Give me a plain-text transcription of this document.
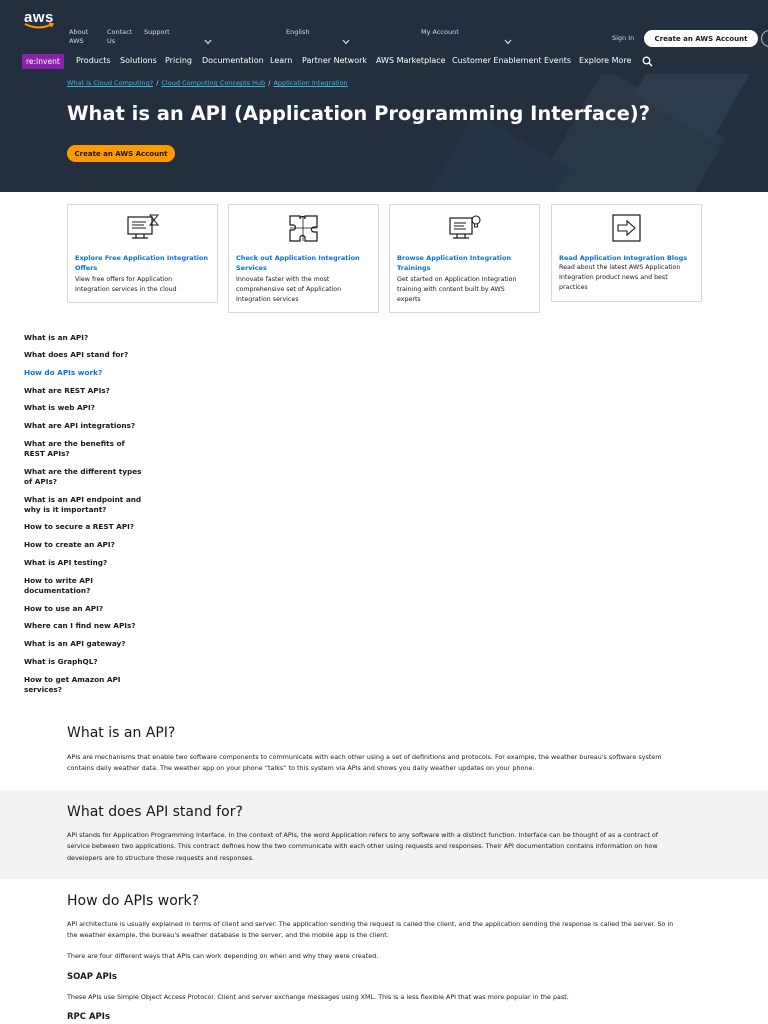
aws
About
AWS
Contact
Us
Support	English	My Account
Sign In	Create an AWS Account
re:Invent	Products Solutions Pricing Documentation Learn Partner Network AWS Marketplace Customer Enablement Events Explore More
What is Cloud Computing? / Cloud Computing Concepts Hub / Application Integration
What is an API (Application Programming Interface)?
Create an AWS Account
Explore Free Application Integration
Offers
View free offers for Application
Integration services in the cloud
Check out Application Integration
Services
Innovate faster with the most
comprehensive set of Application
Integration services
Browse Application Integration
Trainings
Get started on Application Integration
training with content built by AWS
experts
Read Application Integration Blogs
Read about the latest AWS Application
Integration product news and best
practices
What is an API?
What does API stand for?
How do APIs work?
What are REST APIs?
What is web API?
What are API integrations?
What are the benefits of
REST APIs?
What are the different types
of APIs?
What is an API endpoint and
why is it important?
How to secure a REST API?
How to create an API?
What is API testing?
How to write API
documentation?
How to use an API?
Where can I find new APIs?
What is an API gateway?
What is GraphQL?
How to get Amazon API
services?
What is an API?
APIs are mechanisms that enable two software components to communicate with each other using a set of definitions and protocols. For example, the weather bureau's software system
contains daily weather data. The weather app on your phone “talks” to this system via APIs and shows you daily weather updates on your phone.
What does API stand for?
API stands for Application Programming Interface. In the context of APIs, the word Application refers to any software with a distinct function. Interface can be thought of as a contract of
service between two applications. This contract defines how the two communicate with each other using requests and responses. Their API documentation contains information on how
developers are to structure those requests and responses.
How do APIs work?
API architecture is usually explained in terms of client and server. The application sending the request is called the client, and the application sending the response is called the server. So in
the weather example, the bureau's weather database is the server, and the mobile app is the client.
There are four different ways that APIs can work depending on when and why they were created.
SOAP APIs
These APIs use Simple Object Access Protocol. Client and server exchange messages using XML. This is a less flexible API that was more popular in the past.
RPC APIs
